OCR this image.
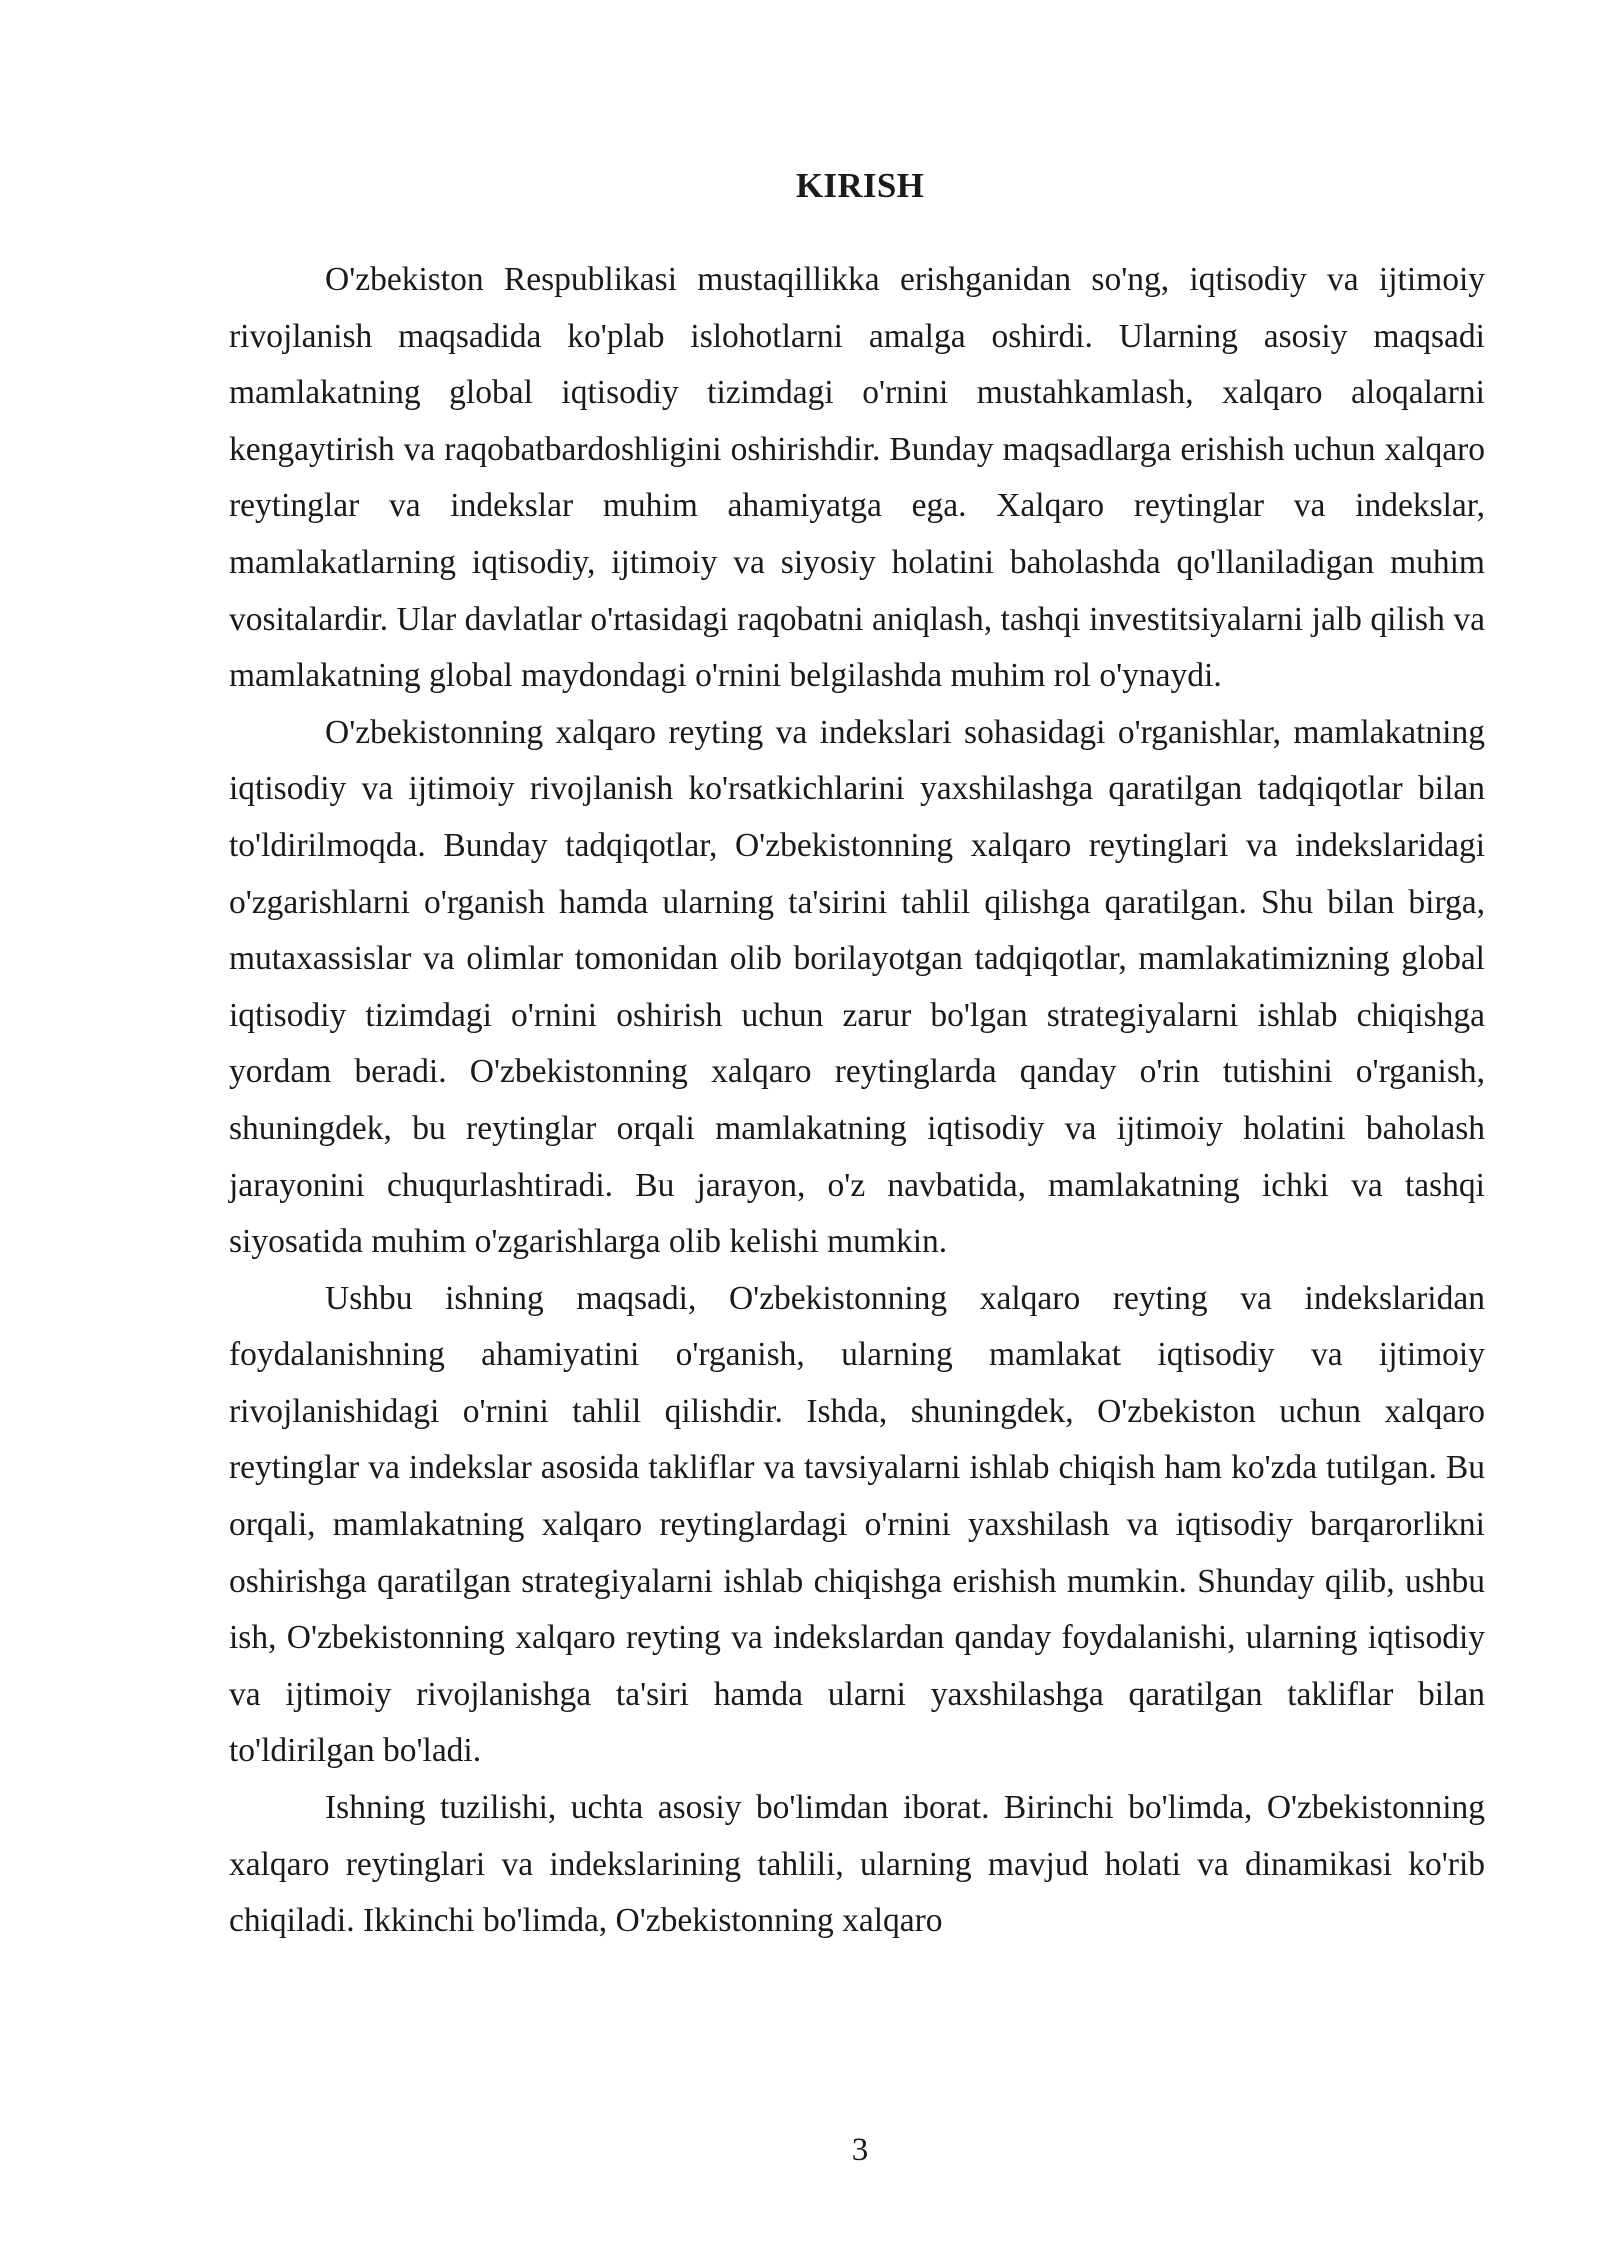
KIRISH

O'zbekiston Respublikasi mustaqillikka erishganidan so'ng, iqtisodiy va ijtimoiy rivojlanish maqsadida ko'plab islohotlarni amalga oshirdi. Ularning asosiy maqsadi mamlakatning global iqtisodiy tizimdagi o'rnini mustahkamlash, xalqaro aloqalarni kengaytirish va raqobatbardoshligini oshirishdir. Bunday maqsadlarga erishish uchun xalqaro reytinglar va indekslar muhim ahamiyatga ega. Xalqaro reytinglar va indekslar, mamlakatlarning iqtisodiy, ijtimoiy va siyosiy holatini baholashda qo'llaniladigan muhim vositalardir. Ular davlatlar o'rtasidagi raqobatni aniqlash, tashqi investitsiyalarni jalb qilish va mamlakatning global maydondagi o'rnini belgilashda muhim rol o'ynaydi.

O'zbekistonning xalqaro reyting va indekslari sohasidagi o'rganishlar, mamlakatning iqtisodiy va ijtimoiy rivojlanish ko'rsatkichlarini yaxshilashga qaratilgan tadqiqotlar bilan to'ldirilmoqda. Bunday tadqiqotlar, O'zbekistonning xalqaro reytinglari va indekslaridagi o'zgarishlarni o'rganish hamda ularning ta'sirini tahlil qilishga qaratilgan. Shu bilan birga, mutaxassislar va olimlar tomonidan olib borilayotgan tadqiqotlar, mamlakatimizning global iqtisodiy tizimdagi o'rnini oshirish uchun zarur bo'lgan strategiyalarni ishlab chiqishga yordam beradi. O'zbekistonning xalqaro reytinglarda qanday o'rin tutishini o'rganish, shuningdek, bu reytinglar orqali mamlakatning iqtisodiy va ijtimoiy holatini baholash jarayonini chuqurlashtiradi. Bu jarayon, o'z navbatida, mamlakatning ichki va tashqi siyosatida muhim o'zgarishlarga olib kelishi mumkin.

Ushbu ishning maqsadi, O'zbekistonning xalqaro reyting va indekslaridan foydalanishning ahamiyatini o'rganish, ularning mamlakat iqtisodiy va ijtimoiy rivojlanishidagi o'rnini tahlil qilishdir. Ishda, shuningdek, O'zbekiston uchun xalqaro reytinglar va indekslar asosida takliflar va tavsiyalarni ishlab chiqish ham ko'zda tutilgan. Bu orqali, mamlakatning xalqaro reytinglardagi o'rnini yaxshilash va iqtisodiy barqarorlikni oshirishga qaratilgan strategiyalarni ishlab chiqishga erishish mumkin. Shunday qilib, ushbu ish, O'zbekistonning xalqaro reyting va indekslardan qanday foydalanishi, ularning iqtisodiy va ijtimoiy rivojlanishga ta'siri hamda ularni yaxshilashga qaratilgan takliflar bilan to'ldirilgan bo'ladi.

Ishning tuzilishi, uchta asosiy bo'limdan iborat. Birinchi bo'limda, O'zbekistonning xalqaro reytinglari va indekslarining tahlili, ularning mavjud holati va dinamikasi ko'rib chiqiladi. Ikkinchi bo'limda, O'zbekistonning xalqaro

3
